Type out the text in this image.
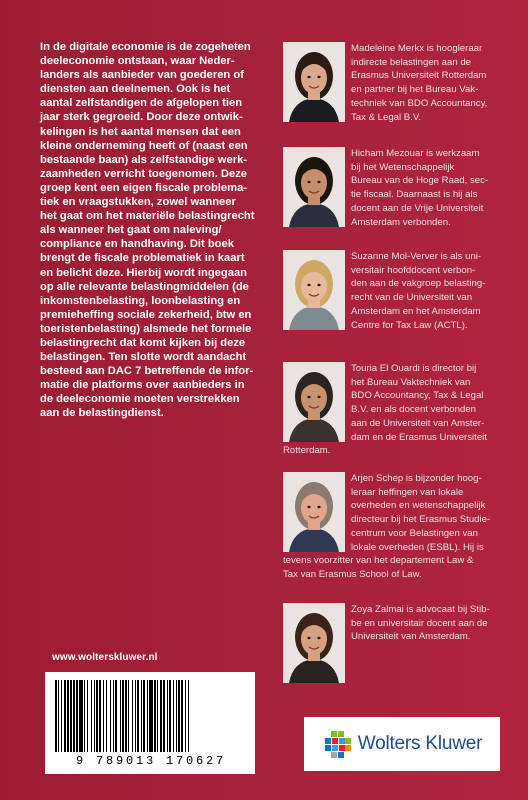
In de digitale economie is de zogeheten

deeleconomie ontstaan, waar Neder-

landers als aanbieder van goederen of

diensten aan deelnemen. Ook is het

aantal zelfstandigen de afgelopen tien

jaar sterk gegroeid. Door deze ontwik-

kelingen is het aantal mensen dat een

kleine onderneming heeft of (naast een

bestaande baan) als zelfstandige werk-

zaamheden verricht toegenomen. Deze

groep kent een eigen fiscale problema-

tiek en vraagstukken, zowel wanneer

het gaat om het materiële belastingrecht

als wanneer het gaat om naleving/

compliance en handhaving. Dit boek

brengt de fiscale problematiek in kaart

en belicht deze. Hierbij wordt ingegaan

op alle relevante belastingmiddelen (de

inkomstenbelasting, loonbelasting en

premieheffing sociale zekerheid, btw en

toeristenbelasting) alsmede het formele

belastingrecht dat komt kijken bij deze

belastingen. Ten slotte wordt aandacht

besteed aan DAC 7 betreffende de infor-

matie die platforms over aanbieders in

de deeleconomie moeten verstrekken

aan de belastingdienst.

www.wolterskluwer.nl
9 789013 170627

Madeleine Merkx is hoogleraar

indirecte belastingen aan de

Erasmus Universiteit Rotterdam

en partner bij het Bureau Vak-

techniek van BDO Accountancy,

Tax & Legal B.V.

Hicham Mezouar is werkzaam

bij het Wetenschappelijk

Bureau van de Hoge Raad, sec-

tie fiscaal. Daarnaast is hij als

docent aan de Vrije Universiteit

Amsterdam verbonden.

Suzanne Mol-Verver is als uni-

versitair hoofddocent verbon-

den aan de vakgroep belasting-

recht van de Universiteit van

Amsterdam en het Amsterdam

Centre for Tax Law (ACTL).

Touria El Ouardi is director bij

het Bureau Vaktechniek van

BDO Accountancy, Tax & Legal

B.V. en als docent verbonden

aan de Universiteit van Amster-

dam en de Erasmus Universiteit

Rotterdam.

Arjen Schep is bijzonder hoog-

leraar heffingen van lokale

overheden en wetenschappelijk

directeur bij het Erasmus Studie-

centrum voor Belastingen van

lokale overheden (ESBL). Hij is

tevens voorzitter van het departement Law &

Tax van Erasmus School of Law.

Zoya Zalmai is advocaat bij Stib-

be en universitair docent aan de

Universiteit van Amsterdam.

Wolters Kluwer
